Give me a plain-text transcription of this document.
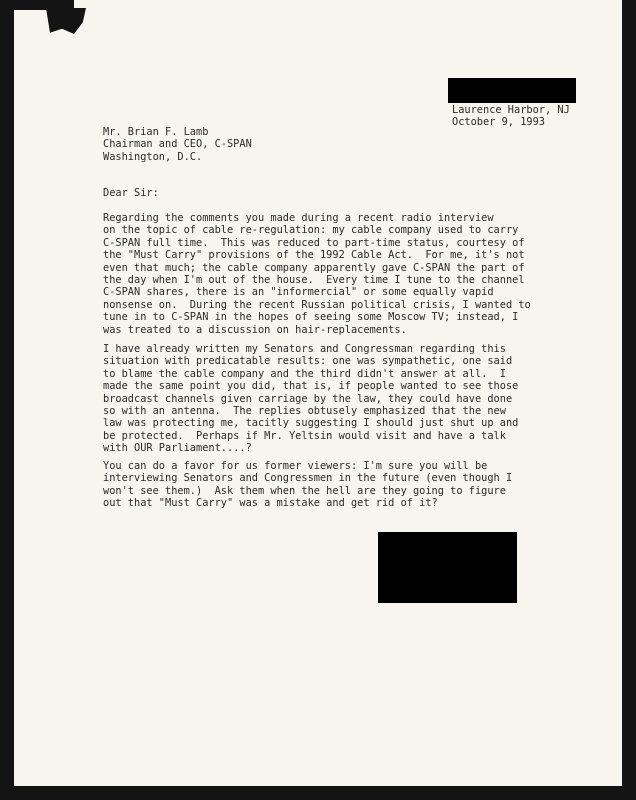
Laurence Harbor, NJ
October 9, 1993
Mr. Brian F. Lamb
Chairman and CEO, C-SPAN
Washington, D.C.

Dear Sir:
Regarding the comments you made during a recent radio interview
on the topic of cable re-regulation: my cable company used to carry
C-SPAN full time.  This was reduced to part-time status, courtesy of
the "Must Carry" provisions of the 1992 Cable Act.  For me, it's not
even that much; the cable company apparently gave C-SPAN the part of
the day when I'm out of the house.  Every time I tune to the channel
C-SPAN shares, there is an "informercial" or some equally vapid
nonsense on.  During the recent Russian political crisis, I wanted to
tune in to C-SPAN in the hopes of seeing some Moscow TV; instead, I
was treated to a discussion on hair-replacements.
I have already written my Senators and Congressman regarding this
situation with predicatable results: one was sympathetic, one said
to blame the cable company and the third didn't answer at all.  I
made the same point you did, that is, if people wanted to see those
broadcast channels given carriage by the law, they could have done
so with an antenna.  The replies obtusely emphasized that the new
law was protecting me, tacitly suggesting I should just shut up and
be protected.  Perhaps if Mr. Yeltsin would visit and have a talk
with OUR Parliament....?
You can do a favor for us former viewers: I'm sure you will be
interviewing Senators and Congressmen in the future (even though I
won't see them.)  Ask them when the hell are they going to figure
out that "Must Carry" was a mistake and get rid of it?
